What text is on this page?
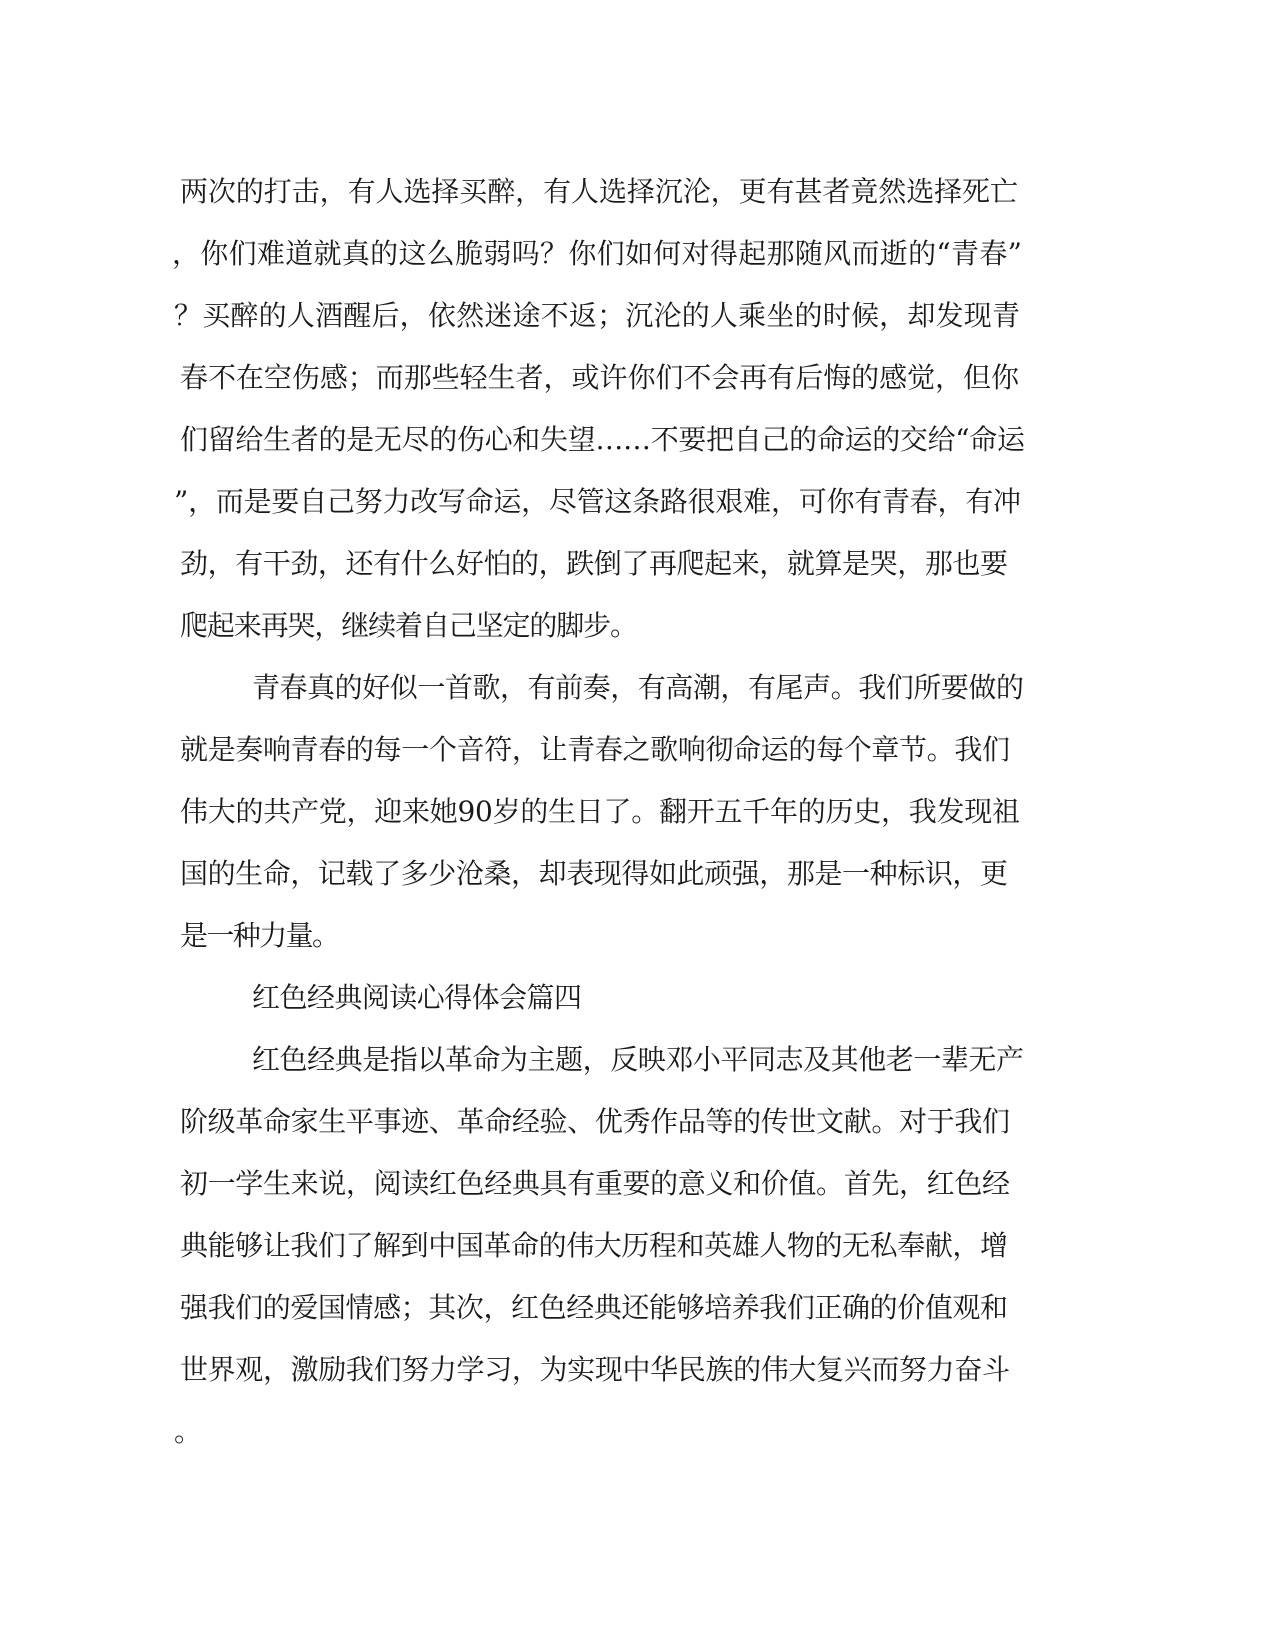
两次的打击，有人选择买醉，有人选择沉沦，更有甚者竟然选择死亡

，你们难道就真的这么脆弱吗？你们如何对得起那随风而逝的“青春”

？买醉的人酒醒后，依然迷途不返；沉沦的人乘坐的时候，却发现青

春不在空伤感；而那些轻生者，或许你们不会再有后悔的感觉，但你

们留给生者的是无尽的伤心和失望……不要把自己的命运的交给“命运

”，而是要自己努力改写命运，尽管这条路很艰难，可你有青春，有冲

劲，有干劲，还有什么好怕的，跌倒了再爬起来，就算是哭，那也要

爬起来再哭，继续着自己坚定的脚步。

青春真的好似一首歌，有前奏，有高潮，有尾声。我们所要做的

就是奏响青春的每一个音符，让青春之歌响彻命运的每个章节。我们

伟大的共产党，迎来她90岁的生日了。翻开五千年的历史，我发现祖

国的生命，记载了多少沧桑，却表现得如此顽强，那是一种标识，更

是一种力量。

红色经典阅读心得体会篇四

红色经典是指以革命为主题，反映邓小平同志及其他老一辈无产

阶级革命家生平事迹、革命经验、优秀作品等的传世文献。对于我们

初一学生来说，阅读红色经典具有重要的意义和价值。首先，红色经

典能够让我们了解到中国革命的伟大历程和英雄人物的无私奉献，增

强我们的爱国情感；其次，红色经典还能够培养我们正确的价值观和

世界观，激励我们努力学习，为实现中华民族的伟大复兴而努力奋斗

。
